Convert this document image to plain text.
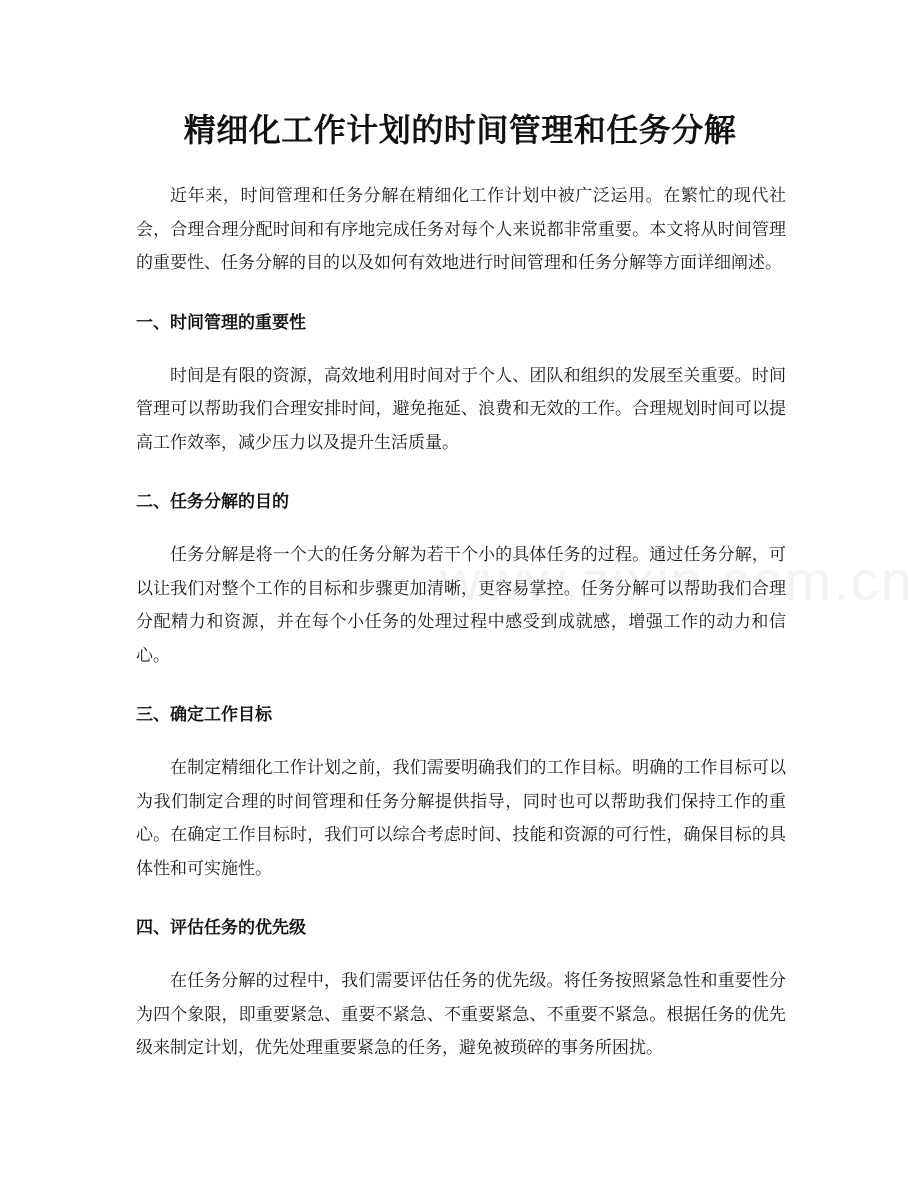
精细化工作计划的时间管理和任务分解

近年来，时间管理和任务分解在精细化工作计划中被广泛运用。在繁忙的现代社会，合理合理分配时间和有序地完成任务对每个人来说都非常重要。本文将从时间管理的重要性、任务分解的目的以及如何有效地进行时间管理和任务分解等方面详细阐述。

一、时间管理的重要性

时间是有限的资源，高效地利用时间对于个人、团队和组织的发展至关重要。时间管理可以帮助我们合理安排时间，避免拖延、浪费和无效的工作。合理规划时间可以提高工作效率，减少压力以及提升生活质量。

二、任务分解的目的

任务分解是将一个大的任务分解为若干个小的具体任务的过程。通过任务分解，可以让我们对整个工作的目标和步骤更加清晰，更容易掌控。任务分解可以帮助我们合理分配精力和资源，并在每个小任务的处理过程中感受到成就感，增强工作的动力和信心。

三、确定工作目标

在制定精细化工作计划之前，我们需要明确我们的工作目标。明确的工作目标可以为我们制定合理的时间管理和任务分解提供指导，同时也可以帮助我们保持工作的重心。在确定工作目标时，我们可以综合考虑时间、技能和资源的可行性，确保目标的具体性和可实施性。

四、评估任务的优先级

在任务分解的过程中，我们需要评估任务的优先级。将任务按照紧急性和重要性分为四个象限，即重要紧急、重要不紧急、不重要紧急、不重要不紧急。根据任务的优先级来制定计划，优先处理重要紧急的任务，避免被琐碎的事务所困扰。
